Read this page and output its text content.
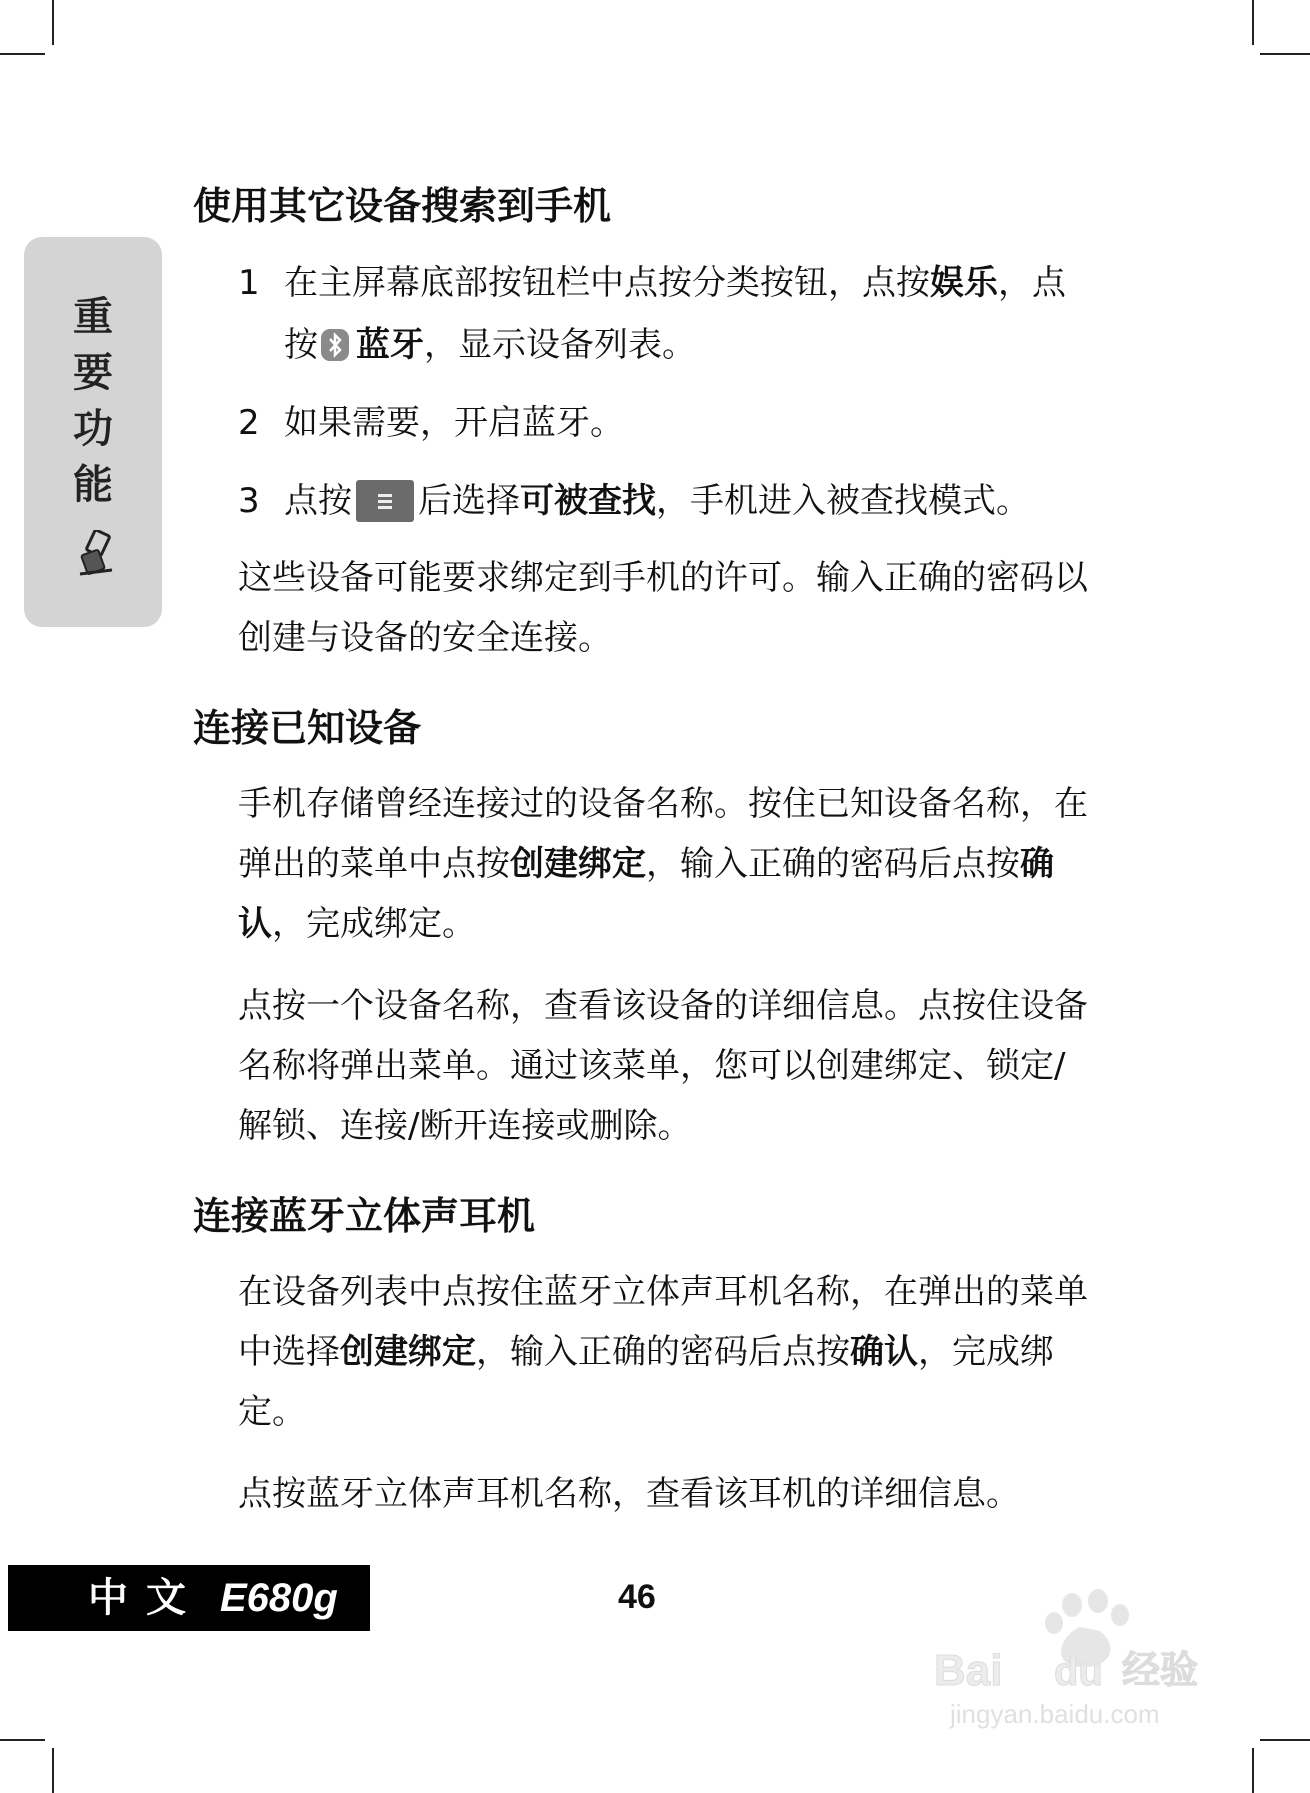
重
要
功
能
使用其它设备搜索到手机
1 在主屏幕底部按钮栏中点按分类按钮，点按娱乐，点按 蓝牙，显示设备列表。
2 如果需要，开启蓝牙。
3 点按 后选择可被查找，手机进入被查找模式。
这些设备可能要求绑定到手机的许可。输入正确的密码以创建与设备的安全连接。
连接已知设备
手机存储曾经连接过的设备名称。按住已知设备名称，在弹出的菜单中点按创建绑定，输入正确的密码后点按确认，完成绑定。
点按一个设备名称，查看该设备的详细信息。点按住设备名称将弹出菜单。通过该菜单，您可以创建绑定、锁定/解锁、连接/断开连接或删除。
连接蓝牙立体声耳机
在设备列表中点按住蓝牙立体声耳机名称，在弹出的菜单中选择创建绑定，输入正确的密码后点按确认，完成绑定。
点按蓝牙立体声耳机名称，查看该耳机的详细信息。
中文 E680g	46
Bai du 经验
jingyan.baidu.com
